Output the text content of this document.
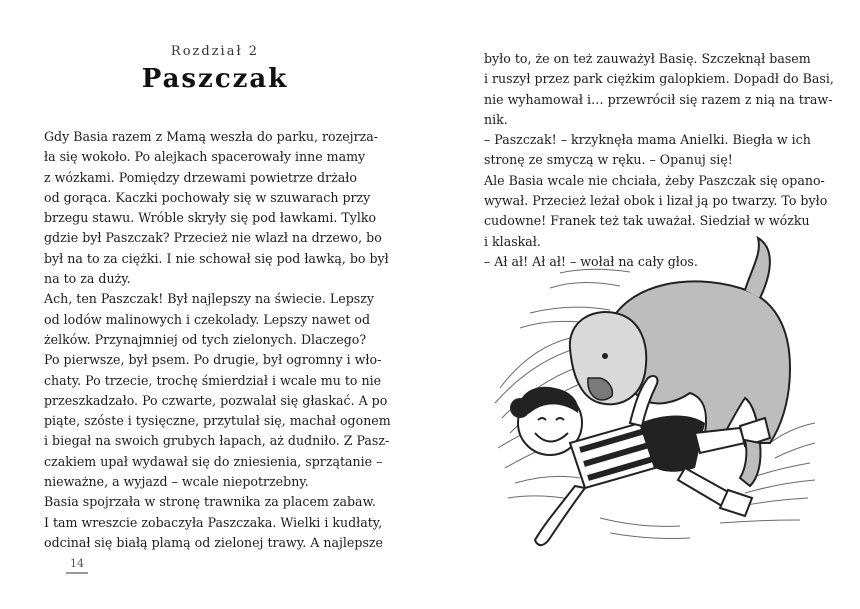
Rozdział 2
Paszczak
Gdy Basia razem z Mamą weszła do parku, rozejrza-
ła się wokoło. Po alejkach spacerowały inne mamy
z wózkami. Pomiędzy drzewami powietrze drżało
od gorąca. Kaczki pochowały się w szuwarach przy
brzegu stawu. Wróble skryły się pod ławkami. Tylko
gdzie był Paszczak? Przecież nie wlazł na drzewo, bo
był na to za ciężki. I nie schował się pod ławką, bo był
na to za duży.
Ach, ten Paszczak! Był najlepszy na świecie. Lepszy
od lodów malinowych i czekolady. Lepszy nawet od
żelków. Przynajmniej od tych zielonych. Dlaczego?
Po pierwsze, był psem. Po drugie, był ogromny i wło-
chaty. Po trzecie, trochę śmierdział i wcale mu to nie
przeszkadzało. Po czwarte, pozwalał się głaskać. A po
piąte, szóste i tysięczne, przytulał się, machał ogonem
i biegał na swoich grubych łapach, aż dudniło. Z Pasz-
czakiem upał wydawał się do zniesienia, sprzątanie –
nieważne, a wyjazd – wcale niepotrzebny.
Basia spojrzała w stronę trawnika za placem zabaw.
I tam wreszcie zobaczyła Paszczaka. Wielki i kudłaty,
odcinał się białą plamą od zielonej trawy. A najlepsze
14
było to, że on też zauważył Basię. Szczeknął basem
i ruszył przez park ciężkim galopkiem. Dopadł do Basi,
nie wyhamował i… przewrócił się razem z nią na traw-
nik.
– Paszczak! – krzyknęła mama Anielki. Biegła w ich
stronę ze smyczą w ręku. – Opanuj się!
Ale Basia wcale nie chciała, żeby Paszczak się opano-
wywał. Przecież leżał obok i lizał ją po twarzy. To było
cudowne! Franek też tak uważał. Siedział w wózku
i klaskał.
– Ał ał! Ał ał! – wołał na cały głos.
